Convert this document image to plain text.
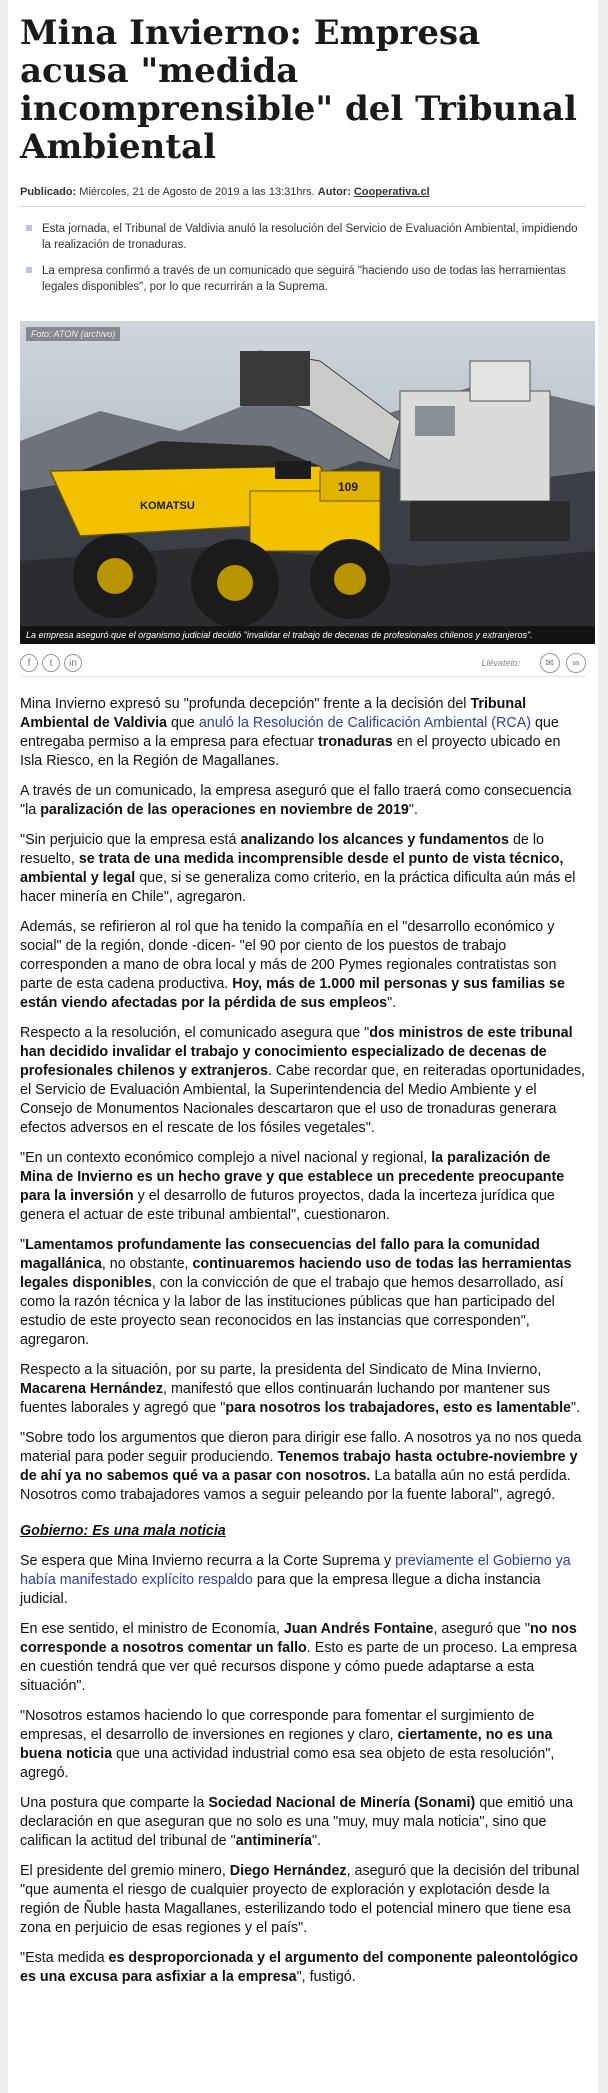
Mina Invierno: Empresa acusa "medida incomprensible" del Tribunal Ambiental
Publicado: Miércoles, 21 de Agosto de 2019 a las 13:31hrs. Autor: Cooperativa.cl
Esta jornada, el Tribunal de Valdivia anuló la resolución del Servicio de Evaluación Ambiental, impidiendo la realización de tronaduras.
La empresa confirmó a través de un comunicado que seguirá "haciendo uso de todas las herramientas legales disponibles", por lo que recurrirán a la Suprema.
KOMATSU
109
Foto: ATON (archivo)
La empresa aseguró que el organismo judicial decidió "invalidar el trabajo de decenas de profesionales chilenos y extranjeros".
f	t	in	Llévatelo:	✉	∞

Mina Invierno expresó su "profunda decepción" frente a la decisión del Tribunal Ambiental de Valdivia que anuló la Resolución de Calificación Ambiental (RCA) que entregaba permiso a la empresa para efectuar tronaduras en el proyecto ubicado en Isla Riesco, en la Región de Magallanes.

A través de un comunicado, la empresa aseguró que el fallo traerá como consecuencia "la paralización de las operaciones en noviembre de 2019".

"Sin perjuicio que la empresa está analizando los alcances y fundamentos de lo resuelto, se trata de una medida incomprensible desde el punto de vista técnico, ambiental y legal que, si se generaliza como criterio, en la práctica dificulta aún más el hacer minería en Chile", agregaron.

Además, se refirieron al rol que ha tenido la compañía en el "desarrollo económico y social" de la región, donde -dicen- "el 90 por ciento de los puestos de trabajo corresponden a mano de obra local y más de 200 Pymes regionales contratistas son parte de esta cadena productiva. Hoy, más de 1.000 mil personas y sus familias se están viendo afectadas por la pérdida de sus empleos".

Respecto a la resolución, el comunicado asegura que "dos ministros de este tribunal han decidido invalidar el trabajo y conocimiento especializado de decenas de profesionales chilenos y extranjeros. Cabe recordar que, en reiteradas oportunidades, el Servicio de Evaluación Ambiental, la Superintendencia del Medio Ambiente y el Consejo de Monumentos Nacionales descartaron que el uso de tronaduras generara efectos adversos en el rescate de los fósiles vegetales".

"En un contexto económico complejo a nivel nacional y regional, la paralización de Mina de Invierno es un hecho grave y que establece un precedente preocupante para la inversión y el desarrollo de futuros proyectos, dada la incerteza jurídica que genera el actuar de este tribunal ambiental", cuestionaron.

"Lamentamos profundamente las consecuencias del fallo para la comunidad magallánica, no obstante, continuaremos haciendo uso de todas las herramientas legales disponibles, con la convicción de que el trabajo que hemos desarrollado, así como la razón técnica y la labor de las instituciones públicas que han participado del estudio de este proyecto sean reconocidos en las instancias que corresponden", agregaron.

Respecto a la situación, por su parte, la presidenta del Sindicato de Mina Invierno, Macarena Hernández, manifestó que ellos continuarán luchando por mantener sus fuentes laborales y agregó que "para nosotros los trabajadores, esto es lamentable".

"Sobre todo los argumentos que dieron para dirigir ese fallo. A nosotros ya no nos queda material para poder seguir produciendo. Tenemos trabajo hasta octubre-noviembre y de ahí ya no sabemos qué va a pasar con nosotros. La batalla aún no está perdida. Nosotros como trabajadores vamos a seguir peleando por la fuente laboral", agregó.

Gobierno: Es una mala noticia

Se espera que Mina Invierno recurra a la Corte Suprema y previamente el Gobierno ya había manifestado explícito respaldo para que la empresa llegue a dicha instancia judicial.

En ese sentido, el ministro de Economía, Juan Andrés Fontaine, aseguró que "no nos corresponde a nosotros comentar un fallo. Esto es parte de un proceso. La empresa en cuestión tendrá que ver qué recursos dispone y cómo puede adaptarse a esta situación".

"Nosotros estamos haciendo lo que corresponde para fomentar el surgimiento de empresas, el desarrollo de inversiones en regiones y claro, ciertamente, no es una buena noticia que una actividad industrial como esa sea objeto de esta resolución", agregó.

Una postura que comparte la Sociedad Nacional de Minería (Sonami) que emitió una declaración en que aseguran que no solo es una "muy, muy mala noticia", sino que califican la actitud del tribunal de "antiminería".

El presidente del gremio minero, Diego Hernández, aseguró que la decisión del tribunal "que aumenta el riesgo de cualquier proyecto de exploración y explotación desde la región de Ñuble hasta Magallanes, esterilizando todo el potencial minero que tiene esa zona en perjuicio de esas regiones y el país".

"Esta medida es desproporcionada y el argumento del componente paleontológico es una excusa para asfixiar a la empresa", fustigó.
